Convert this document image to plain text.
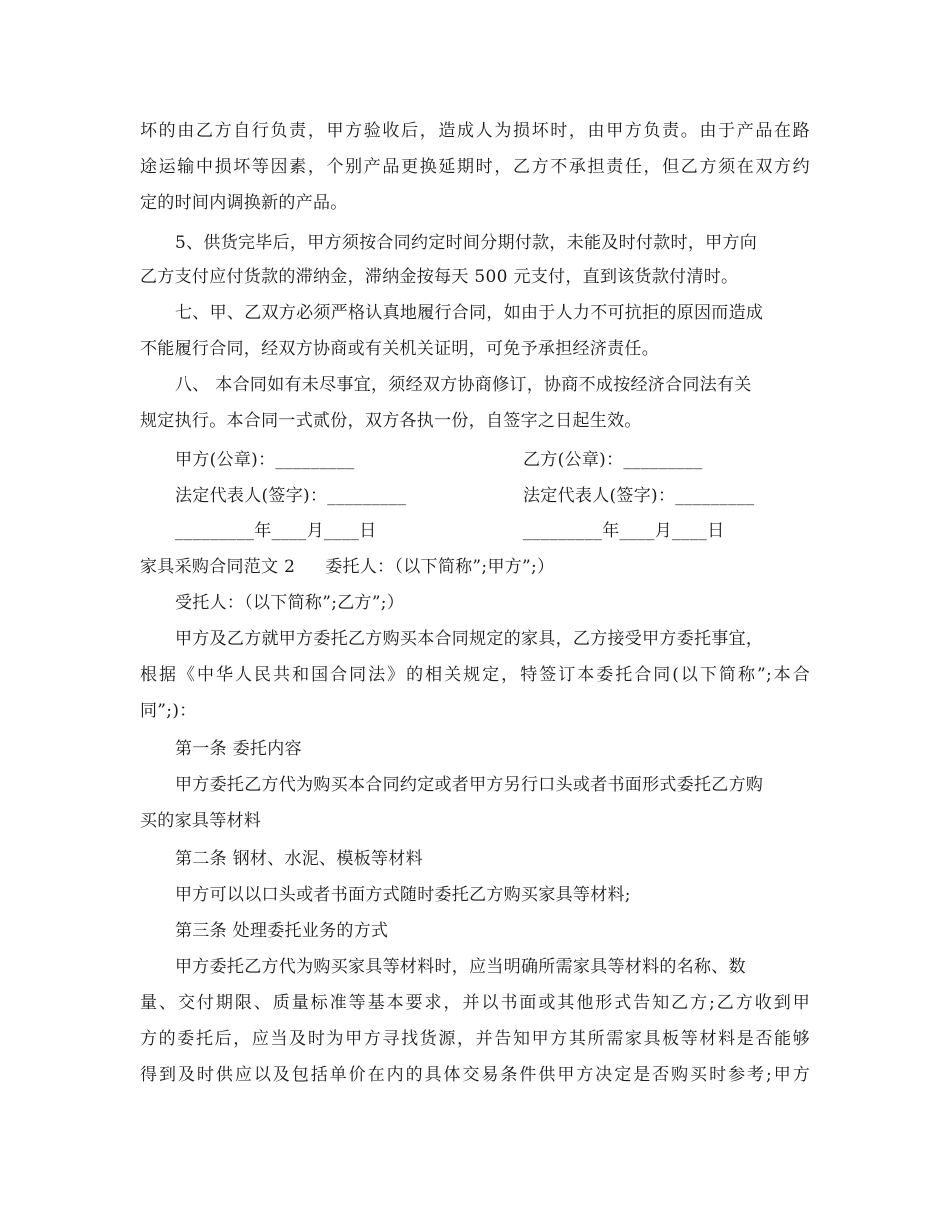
坏的由乙方自行负责，甲方验收后，造成人为损坏时，由甲方负责。由于产品在路
途运输中损坏等因素，个别产品更换延期时，乙方不承担责任，但乙方须在双方约
定的时间内调换新的产品。
5、供货完毕后，甲方须按合同约定时间分期付款，未能及时付款时，甲方向
乙方支付应付货款的滞纳金，滞纳金按每天 500 元支付，直到该货款付清时。
七、甲、乙双方必须严格认真地履行合同，如由于人力不可抗拒的原因而造成
不能履行合同，经双方协商或有关机关证明，可免予承担经济责任。
八、 本合同如有未尽事宜，须经双方协商修订，协商不成按经济合同法有关
规定执行。本合同一式贰份，双方各执一份，自签字之日起生效。
甲方(公章)：_________	乙方(公章)：_________
法定代表人(签字)：_________	法定代表人(签字)：_________
_________年____月____日	_________年____月____日
家具采购合同范文 2 委托人：（以下简称”;甲方”;）
受托人：（以下简称”;乙方”;）
甲方及乙方就甲方委托乙方购买本合同规定的家具，乙方接受甲方委托事宜，
根据《中华人民共和国合同法》的相关规定，特签订本委托合同(以下简称”;本合
同”;)：
第一条 委托内容
甲方委托乙方代为购买本合同约定或者甲方另行口头或者书面形式委托乙方购
买的家具等材料
第二条 钢材、水泥、模板等材料
甲方可以以口头或者书面方式随时委托乙方购买家具等材料;
第三条 处理委托业务的方式
甲方委托乙方代为购买家具等材料时，应当明确所需家具等材料的名称、数
量、交付期限、质量标准等基本要求，并以书面或其他形式告知乙方;乙方收到甲
方的委托后，应当及时为甲方寻找货源，并告知甲方其所需家具板等材料是否能够
得到及时供应以及包括单价在内的具体交易条件供甲方决定是否购买时参考;甲方
